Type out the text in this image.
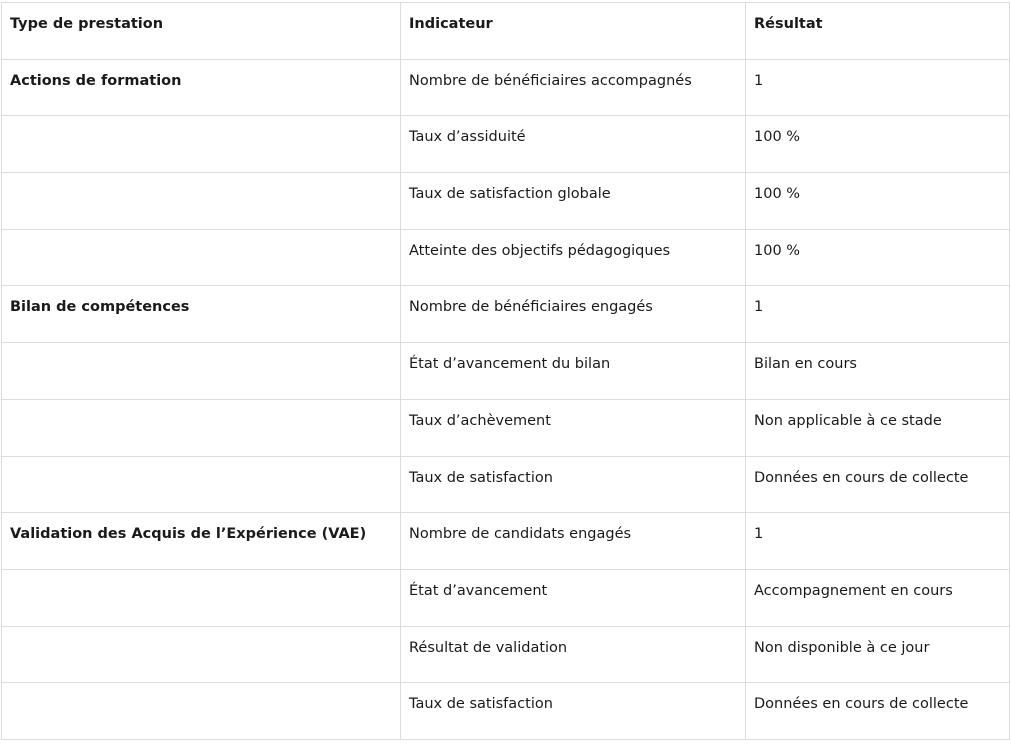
Type de prestation	Indicateur	Résultat
Actions de formation	Nombre de bénéficiaires accompagnés	1
	Taux d’assiduité	100 %
	Taux de satisfaction globale	100 %
	Atteinte des objectifs pédagogiques	100 %
Bilan de compétences	Nombre de bénéficiaires engagés	1
	État d’avancement du bilan	Bilan en cours
	Taux d’achèvement	Non applicable à ce stade
	Taux de satisfaction	Données en cours de collecte
Validation des Acquis de l’Expérience (VAE)	Nombre de candidats engagés	1
	État d’avancement	Accompagnement en cours
	Résultat de validation	Non disponible à ce jour
	Taux de satisfaction	Données en cours de collecte
